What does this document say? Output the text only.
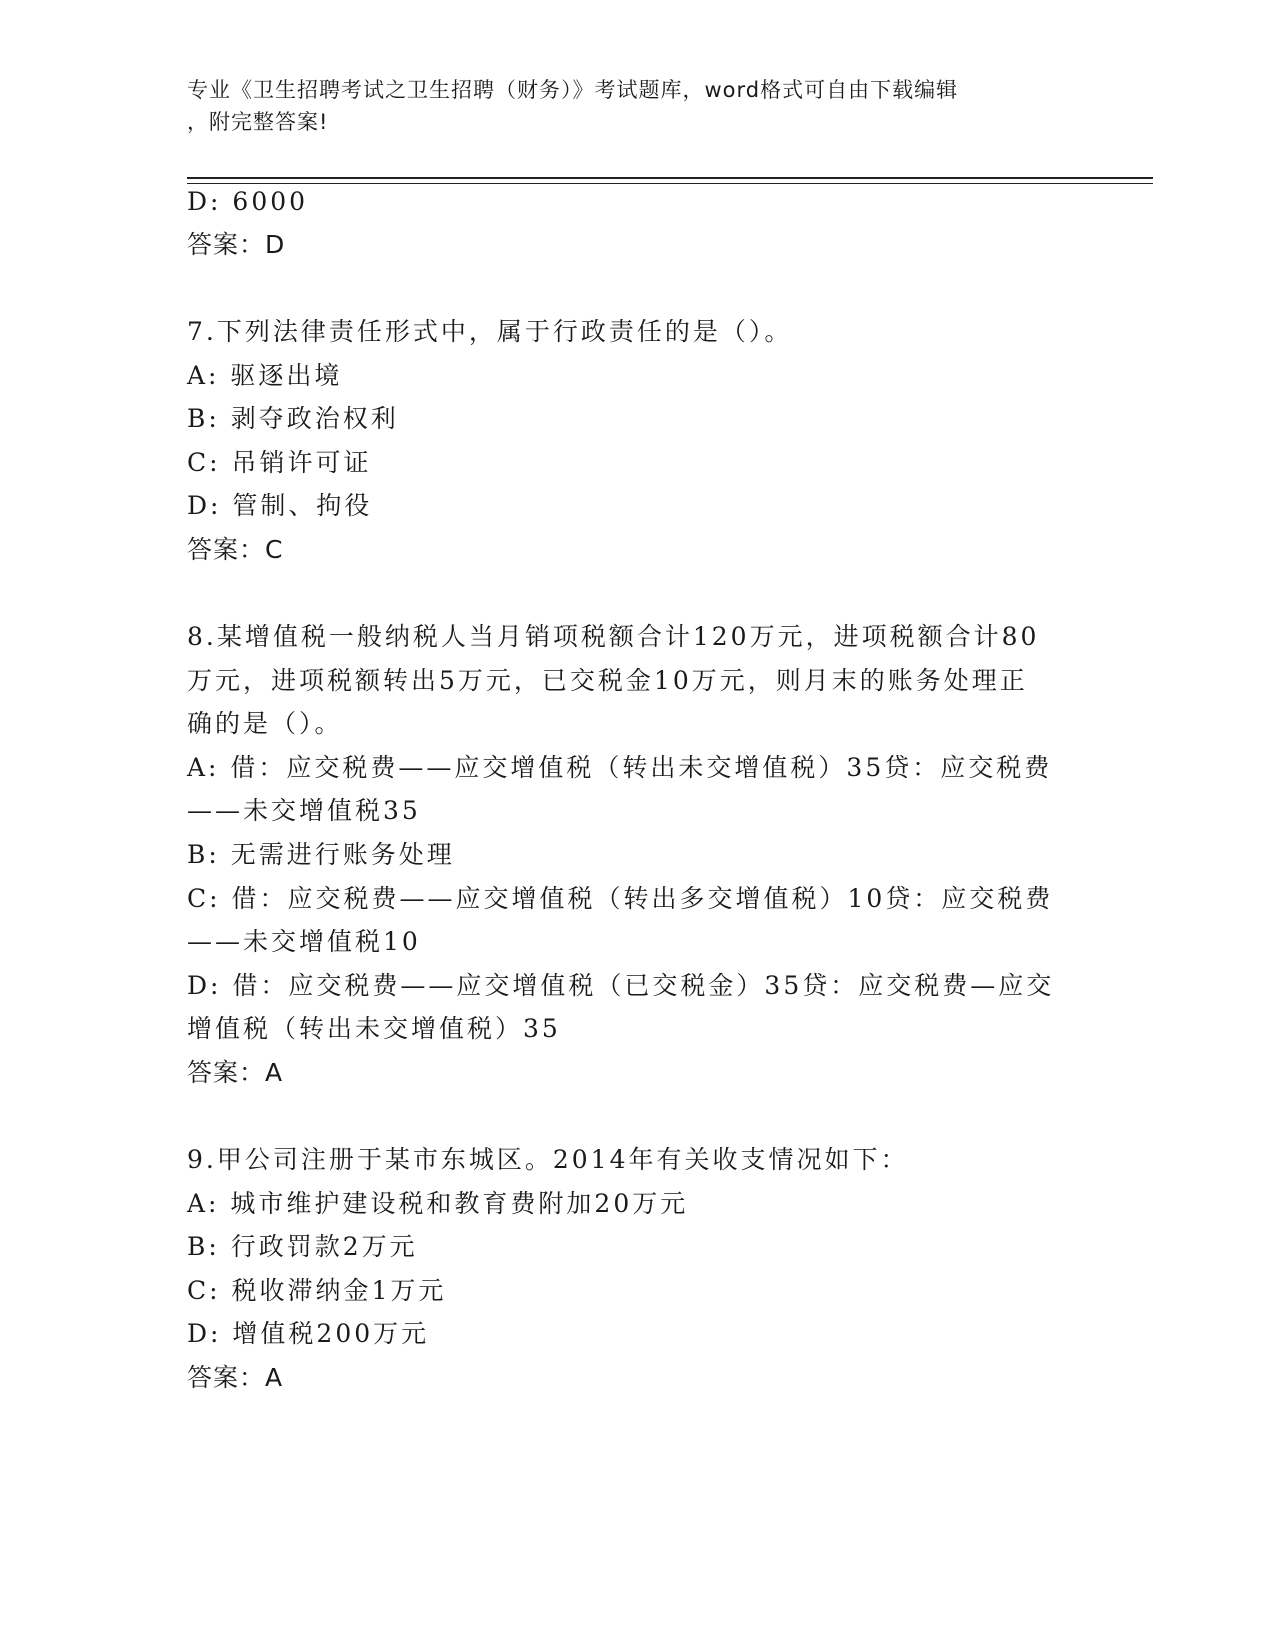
专业《卫生招聘考试之卫生招聘（财务）》考试题库，word格式可自由下载编辑
，附完整答案!
D: 6000
答案：D
7.下列法律责任形式中，属于行政责任的是（）。
A: 驱逐出境
B: 剥夺政治权利
C: 吊销许可证
D: 管制、拘役
答案：C
8.某增值税一般纳税人当月销项税额合计120万元，进项税额合计80
万元，进项税额转出5万元，已交税金10万元，则月末的账务处理正
确的是（）。
A: 借：应交税费——应交增值税（转出未交增值税）35贷：应交税费
——未交增值税35
B: 无需进行账务处理
C: 借：应交税费——应交增值税（转出多交增值税）10贷：应交税费
——未交增值税10
D: 借：应交税费——应交增值税（已交税金）35贷：应交税费—应交
增值税（转出未交增值税）35
答案：A
9.甲公司注册于某市东城区。2014年有关收支情况如下：
A: 城市维护建设税和教育费附加20万元
B: 行政罚款2万元
C: 税收滞纳金1万元
D: 增值税200万元
答案：A
